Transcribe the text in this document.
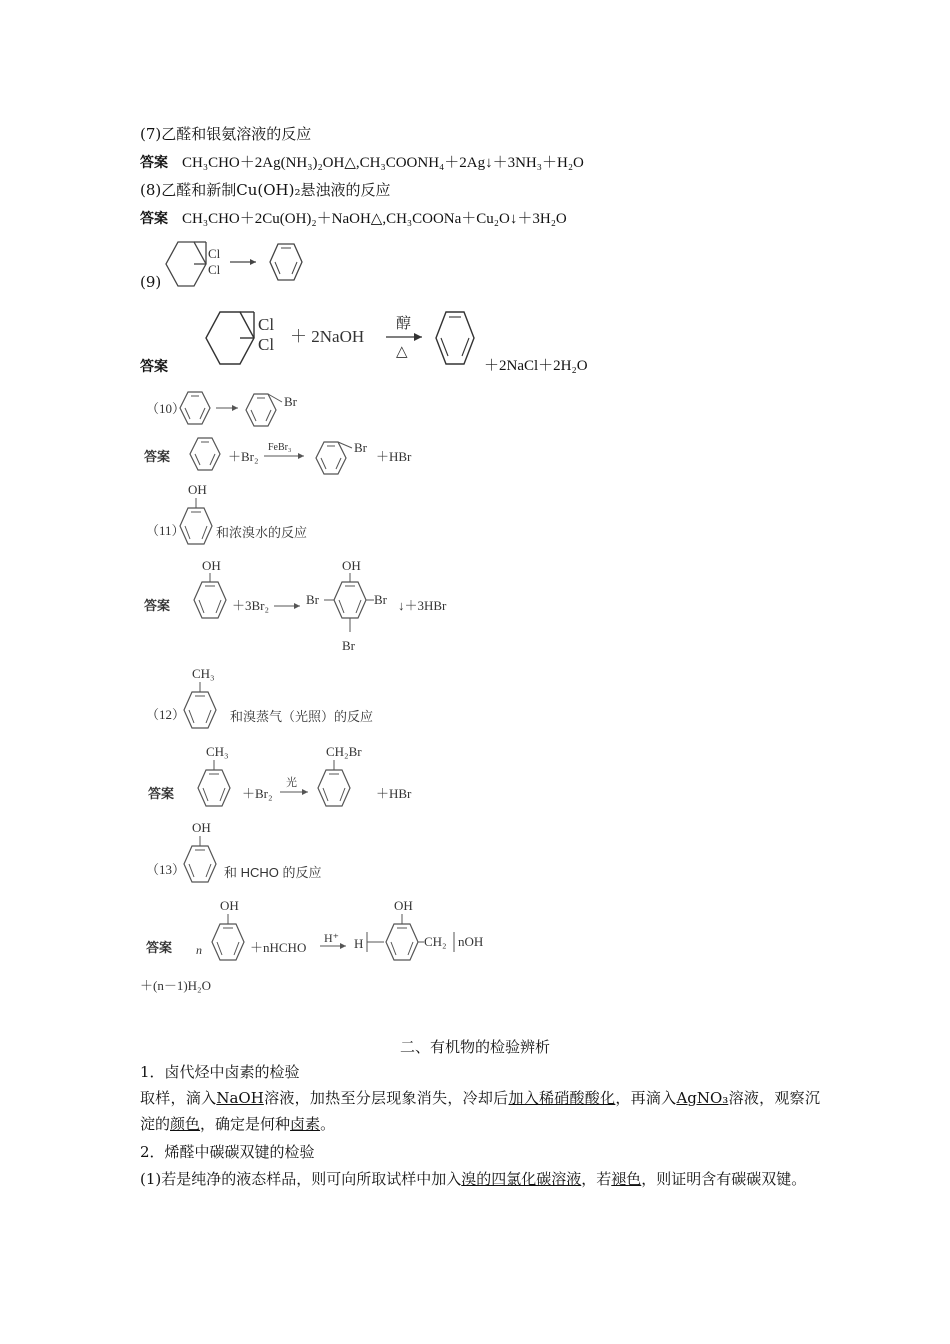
(7)乙醛和银氨溶液的反应
答案 CH₃CHO＋2Ag(NH₃)₂OH△,CH₃COONH₄＋2Ag↓＋3NH₃＋H₂O
(8)乙醛和新制Cu(OH)₂悬浊液的反应
答案 CH₃CHO＋2Cu(OH)₂＋NaOH△,CH₃COONa＋Cu₂O↓＋3H₂O
(9)
Cl
Cl
答案
Cl
Cl ＋ 2NaOH
醇
△
＋2NaCl＋2H₂O
（10）	Br
答案	＋Br₂
FeBr₃	Br
＋HBr
OH
（11） 和浓溴水的反应
答案
OH
＋3Br₂
OH
Br	Br
Br
↓＋3HBr
CH₃
（12）	和溴蒸气（光照）的反应
答案
CH₃
＋Br₂
光
CH₂Br
＋HBr
OH
（13）	和 HCHO 的反应
答案 n
OH
＋nHCHO
H⁺ H
OH
CH₂ nOH
＋(n－1)H₂O
二、有机物的检验辨析
1．卤代烃中卤素的检验
取样，滴入NaOH溶液，加热至分层现象消失，冷却后加入稀硝酸酸化，再滴入AgNO₃溶液，观察沉淀的颜色，确定是何种卤素。
2．烯醛中碳碳双键的检验
(1)若是纯净的液态样品，则可向所取试样中加入溴的四氯化碳溶液，若褪色，则证明含有碳碳双键。
